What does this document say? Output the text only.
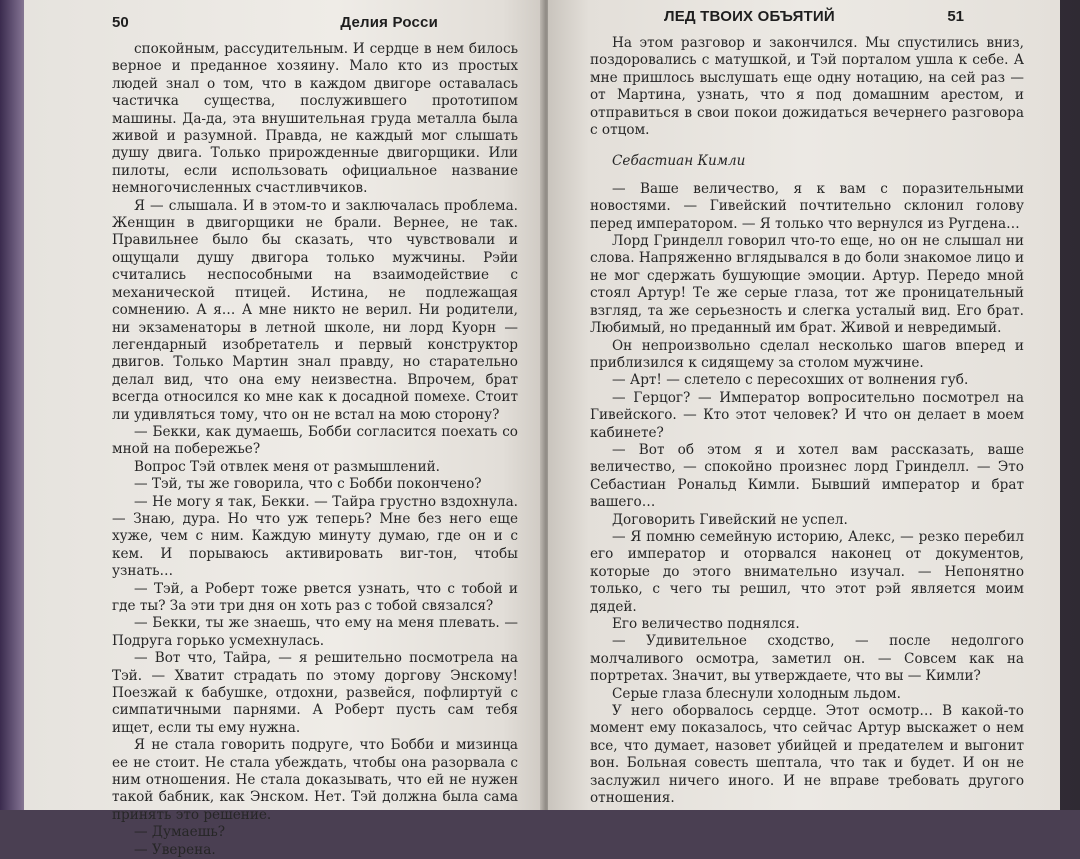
50	Делия Росси

спокойным, рассудительным. И сердце в нем билось верное и преданное хозяину. Мало кто из простых людей знал о том, что в каждом двигоре оставалась частичка существа, послужившего прототипом машины. Да-да, эта внушительная груда металла была живой и разумной. Правда, не каждый мог слышать душу двига. Только прирожденные двигорщики. Или пилоты, если использовать официальное название немногочисленных счастливчиков.

Я — слышала. И в этом-то и заключалась проблема. Женщин в двигорщики не брали. Вернее, не так. Правильнее было бы сказать, что чувствовали и ощущали душу двигора только мужчины. Рэйи считались неспособными на взаимодействие с механической птицей. Истина, не подлежащая сомнению. А я… А мне никто не верил. Ни родители, ни экзаменаторы в летной школе, ни лорд Куорн — легендарный изобретатель и первый конструктор двигов. Только Мартин знал правду, но старательно делал вид, что она ему неизвестна. Впрочем, брат всегда относился ко мне как к досадной помехе. Стоит ли удивляться тому, что он не встал на мою сторону?

— Бекки, как думаешь, Бобби согласится поехать со мной на побережье?

Вопрос Тэй отвлек меня от размышлений.

— Тэй, ты же говорила, что с Бобби покончено?

— Не могу я так, Бекки. — Тайра грустно вздохнула. — Знаю, дура. Но что уж теперь? Мне без него еще хуже, чем с ним. Каждую минуту думаю, где он и с кем. И порываюсь активировать виг-тон, чтобы узнать…

— Тэй, а Роберт тоже рвется узнать, что с тобой и где ты? За эти три дня он хоть раз с тобой связался?

— Бекки, ты же знаешь, что ему на меня плевать. — Подруга горько усмехнулась.

— Вот что, Тайра, — я решительно посмотрела на Тэй. — Хватит страдать по этому доргову Энскому! Поезжай к бабушке, отдохни, развейся, пофлиртуй с симпатичными парнями. А Роберт пусть сам тебя ищет, если ты ему нужна.

Я не стала говорить подруге, что Бобби и мизинца ее не стоит. Не стала убеждать, чтобы она разорвала с ним отношения. Не стала доказывать, что ей не нужен такой бабник, как Энском. Нет. Тэй должна была сама принять это решение.

— Думаешь?

— Уверена.

ЛЕД ТВОИХ ОБЪЯТИЙ	51

На этом разговор и закончился. Мы спустились вниз, поздоровались с матушкой, и Тэй порталом ушла к себе. А мне пришлось выслушать еще одну нотацию, на сей раз — от Мартина, узнать, что я под домашним арестом, и отправиться в свои покои дожидаться вечернего разговора с отцом.

Себастиан Кимли

— Ваше величество, я к вам с поразительными новостями. — Гивейский почтительно склонил голову перед императором. — Я только что вернулся из Ругдена…

Лорд Гринделл говорил что-то еще, но он не слышал ни слова. Напряженно вглядывался в до боли знакомое лицо и не мог сдержать бушующие эмоции. Артур. Передо мной стоял Артур! Те же серые глаза, тот же проницательный взгляд, та же серьезность и слегка усталый вид. Его брат. Любимый, но преданный им брат. Живой и невредимый.

Он непроизвольно сделал несколько шагов вперед и приблизился к сидящему за столом мужчине.

— Арт! — слетело с пересохших от волнения губ.

— Герцог? — Император вопросительно посмотрел на Гивейского. — Кто этот человек? И что он делает в моем кабинете?

— Вот об этом я и хотел вам рассказать, ваше величество, — спокойно произнес лорд Гринделл. — Это Себастиан Рональд Кимли. Бывший император и брат вашего…

Договорить Гивейский не успел.

— Я помню семейную историю, Алекс, — резко перебил его император и оторвался наконец от документов, которые до этого внимательно изучал. — Непонятно только, с чего ты решил, что этот рэй является моим дядей.

Его величество поднялся.

— Удивительное сходство, — после недолгого молчаливого осмотра, заметил он. — Совсем как на портретах. Значит, вы утверждаете, что вы — Кимли?

Серые глаза блеснули холодным льдом.

У него оборвалось сердце. Этот осмотр… В какой-то момент ему показалось, что сейчас Артур выскажет о нем все, что думает, назовет убийцей и предателем и выгонит вон. Больная совесть шептала, что так и будет. И он не заслужил ничего иного. И не вправе требовать другого отношения.
